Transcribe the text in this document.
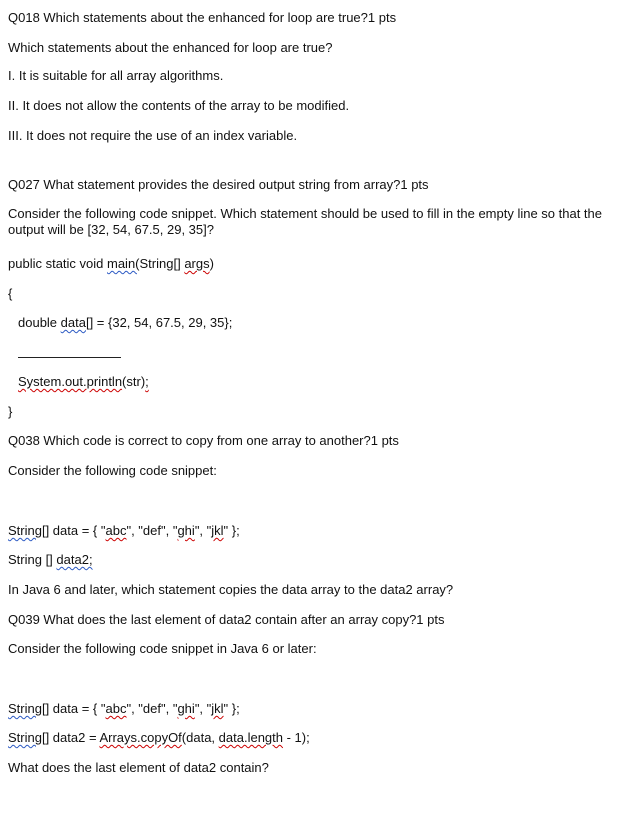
Q018 Which statements about the enhanced for loop are true?1 pts
Which statements about the enhanced for loop are true?
I. It is suitable for all array algorithms.
II. It does not allow the contents of the array to be modified.
III. It does not require the use of an index variable.
Q027 What statement provides the desired output string from array?1 pts
Consider the following code snippet. Which statement should be used to fill in the empty line so that the output will be [32, 54, 67.5, 29, 35]?
public static void main(String[] args)
{
double data[] = {32, 54, 67.5, 29, 35};
System.out.println(str);
}
Q038 Which code is correct to copy from one array to another?1 pts
Consider the following code snippet:
String[] data = { "abc", "def", "ghi", "jkl" };
String [] data2;
In Java 6 and later, which statement copies the data array to the data2 array?
Q039 What does the last element of data2 contain after an array copy?1 pts
Consider the following code snippet in Java 6 or later:
String[] data = { "abc", "def", "ghi", "jkl" };
String[] data2 = Arrays.copyOf(data, data.length - 1);
What does the last element of data2 contain?
